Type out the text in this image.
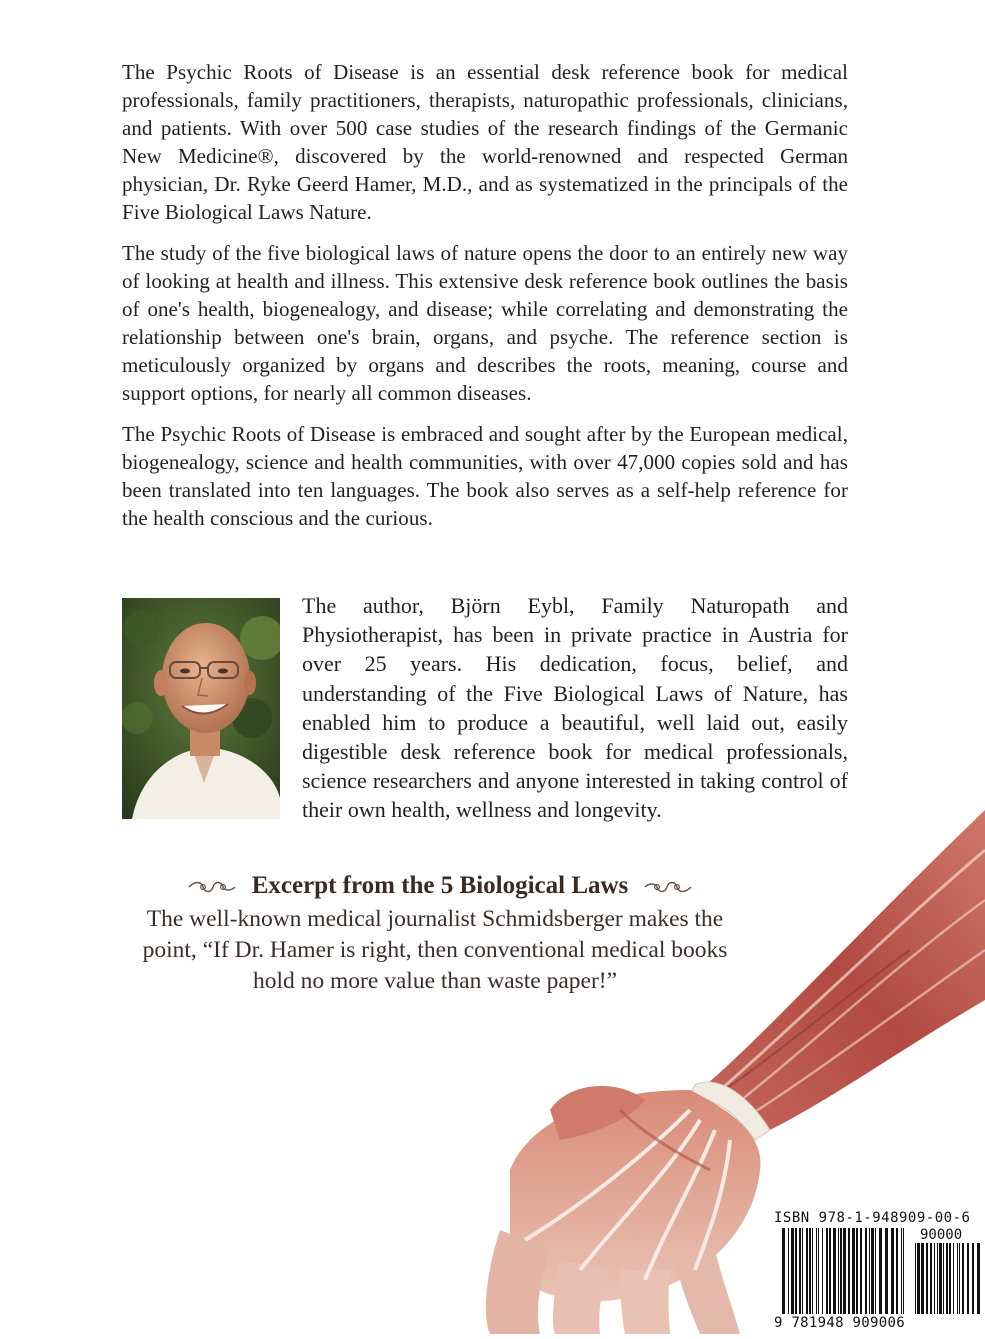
The Psychic Roots of Disease is an essential desk reference book for medical professionals, family practitioners, therapists, naturopathic professionals, clinicians, and patients. With over 500 case studies of the research findings of the Germanic New Medicine®, discovered by the world-renowned and respected German physician, Dr. Ryke Geerd Hamer, M.D., and as systematized in the principals of the Five Biological Laws Nature.

The study of the five biological laws of nature opens the door to an entirely new way of looking at health and illness. This extensive desk reference book outlines the basis of one's health, biogenealogy, and disease; while correlating and demonstrating the relationship between one's brain, organs, and psyche. The reference section is meticulously organized by organs and describes the roots, meaning, course and support options, for nearly all common diseases.

The Psychic Roots of Disease is embraced and sought after by the European medical, biogenealogy, science and health communities, with over 47,000 copies sold and has been translated into ten languages. The book also serves as a self-help reference for the health conscious and the curious.

The author, Björn Eybl, Family Naturopath and Physiotherapist, has been in private practice in Austria for over 25 years. His dedication, focus, belief, and understanding of the Five Biological Laws of Nature, has enabled him to produce a beautiful, well laid out, easily digestible desk reference book for medical professionals, science researchers and anyone interested in taking control of their own health, wellness and longevity.

Excerpt from the 5 Biological Laws

The well-known medical journalist Schmidsberger makes the point, “If Dr. Hamer is right, then conventional medical books hold no more value than waste paper!”

ISBN 978-1-948909-00-6
90000
9 781948 909006
